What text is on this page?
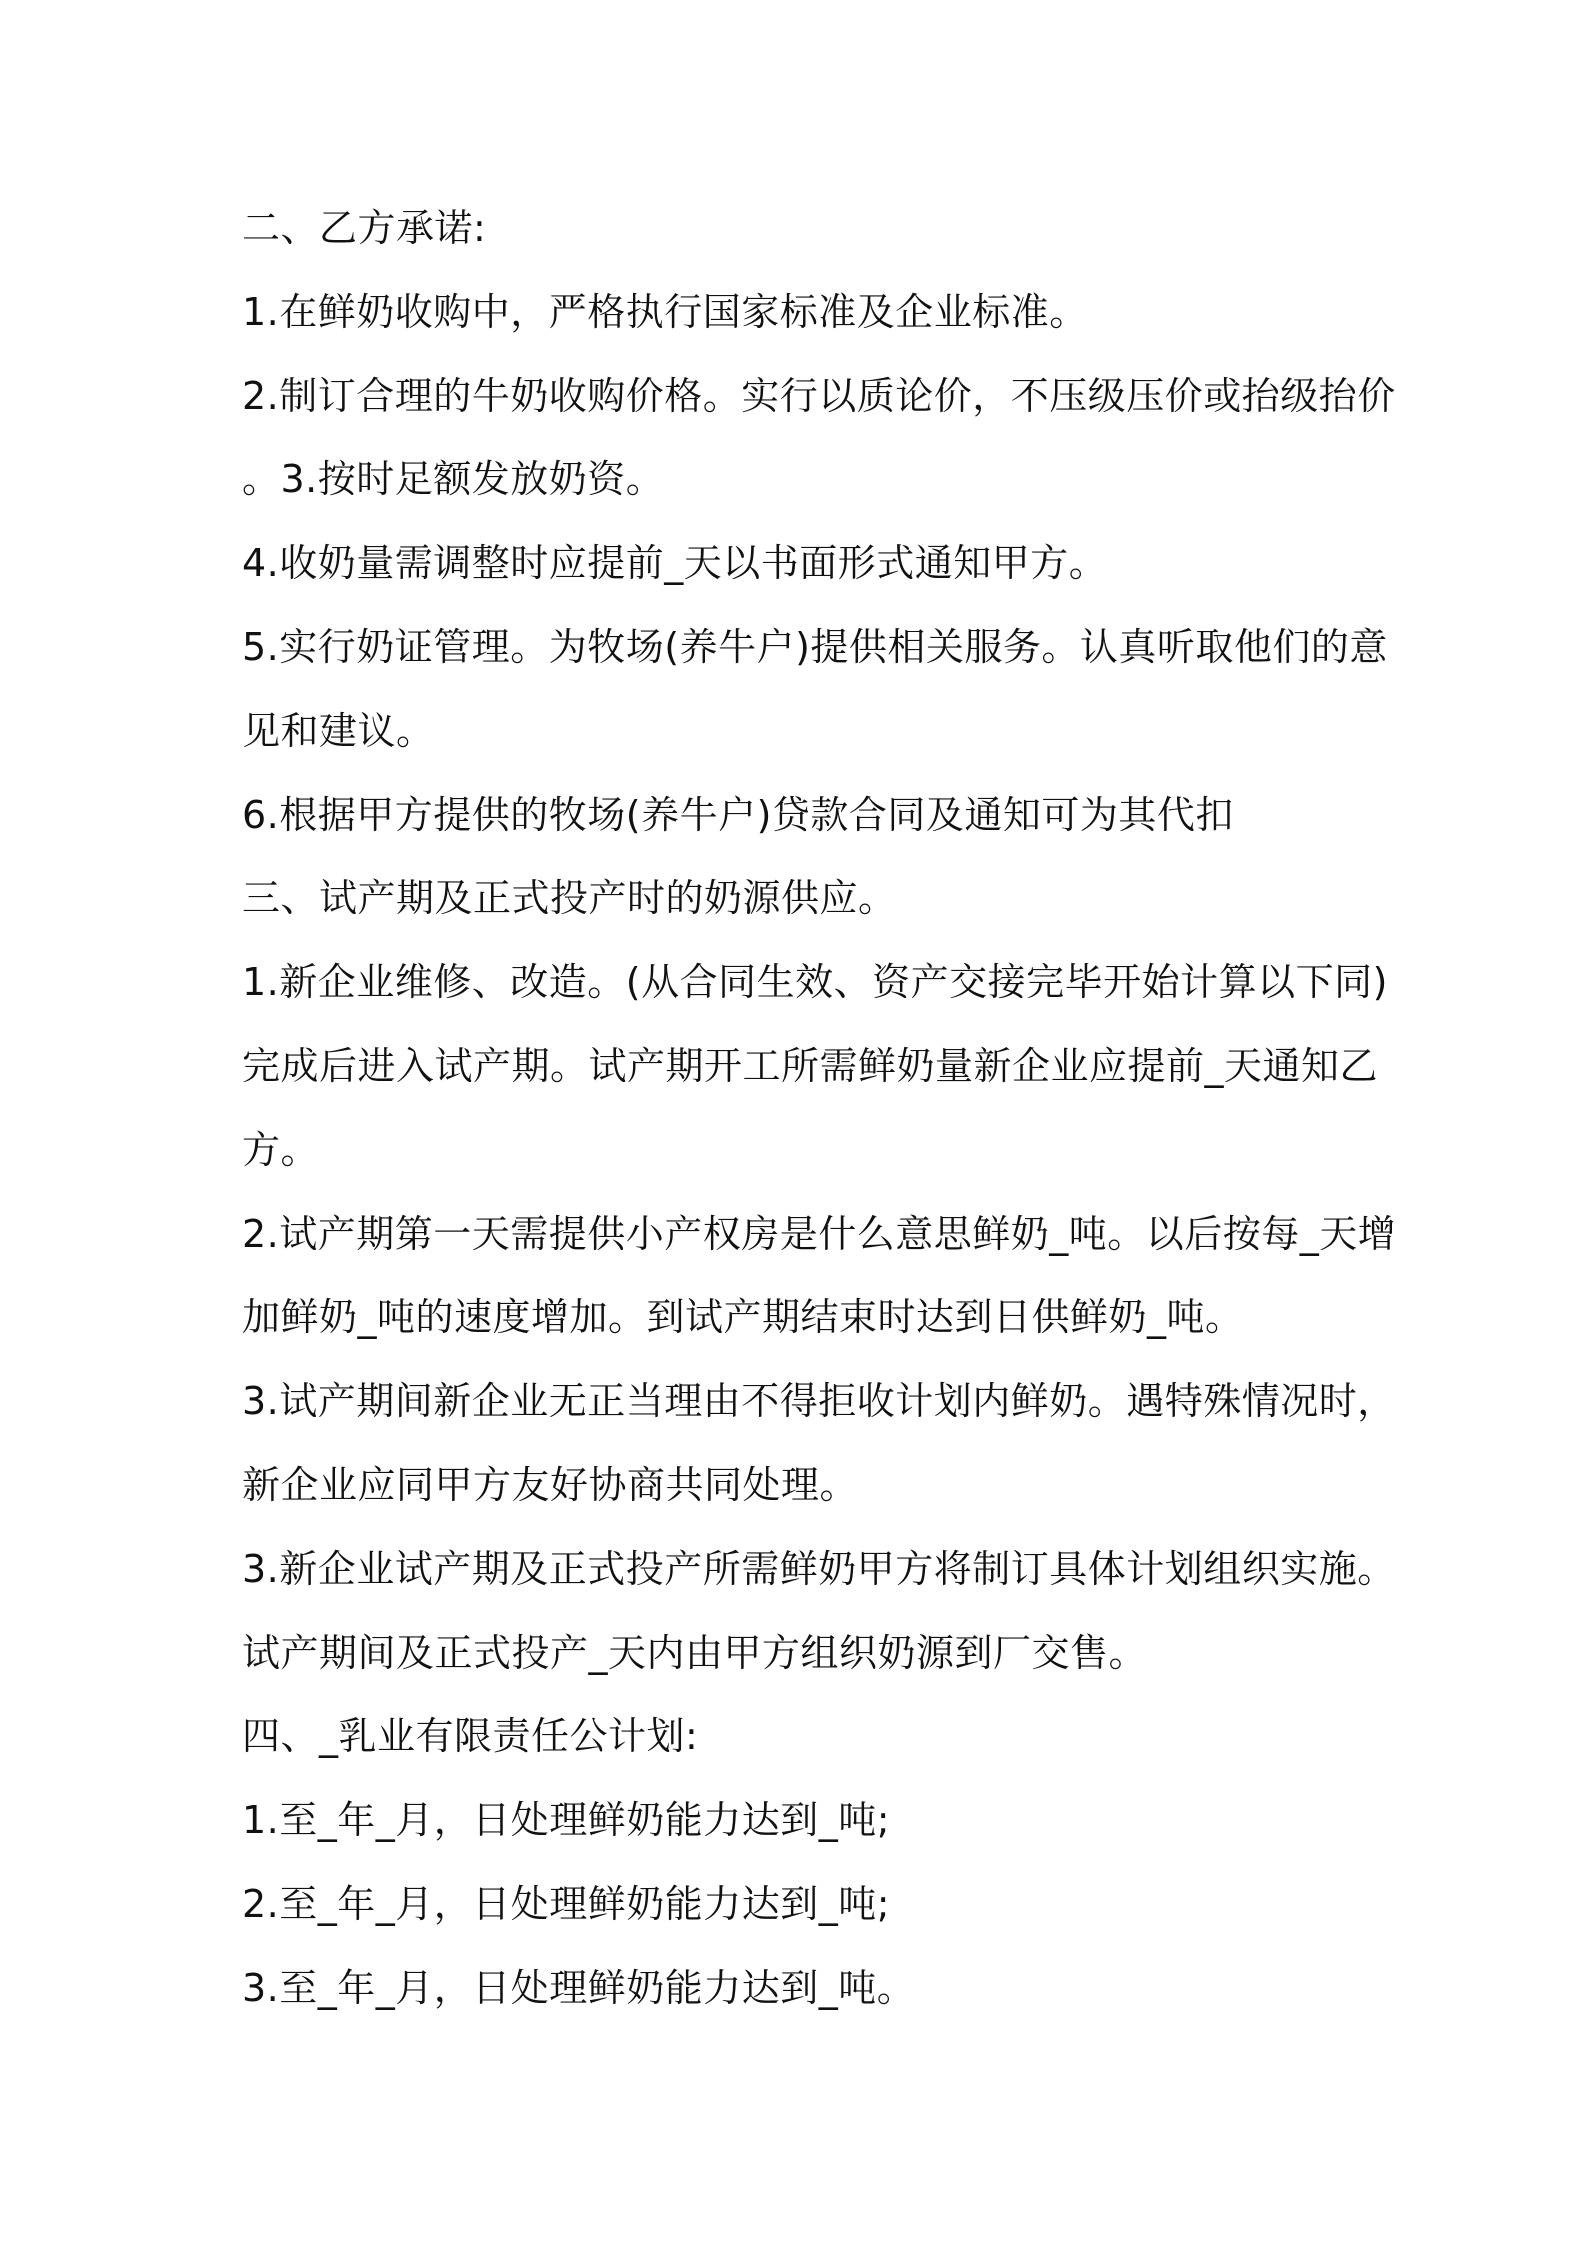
二、乙方承诺:
1.在鲜奶收购中，严格执行国家标准及企业标准。
2.制订合理的牛奶收购价格。实行以质论价，不压级压价或抬级抬价
。3.按时足额发放奶资。
4.收奶量需调整时应提前_天以书面形式通知甲方。
5.实行奶证管理。为牧场(养牛户)提供相关服务。认真听取他们的意
见和建议。
6.根据甲方提供的牧场(养牛户)贷款合同及通知可为其代扣
三、试产期及正式投产时的奶源供应。
1.新企业维修、改造。(从合同生效、资产交接完毕开始计算以下同)
完成后进入试产期。试产期开工所需鲜奶量新企业应提前_天通知乙
方。
2.试产期第一天需提供小产权房是什么意思鲜奶_吨。以后按每_天增
加鲜奶_吨的速度增加。到试产期结束时达到日供鲜奶_吨。
3.试产期间新企业无正当理由不得拒收计划内鲜奶。遇特殊情况时，
新企业应同甲方友好协商共同处理。
3.新企业试产期及正式投产所需鲜奶甲方将制订具体计划组织实施。
试产期间及正式投产_天内由甲方组织奶源到厂交售。
四、_乳业有限责任公计划:
1.至_年_月，日处理鲜奶能力达到_吨;
2.至_年_月，日处理鲜奶能力达到_吨;
3.至_年_月，日处理鲜奶能力达到_吨。
